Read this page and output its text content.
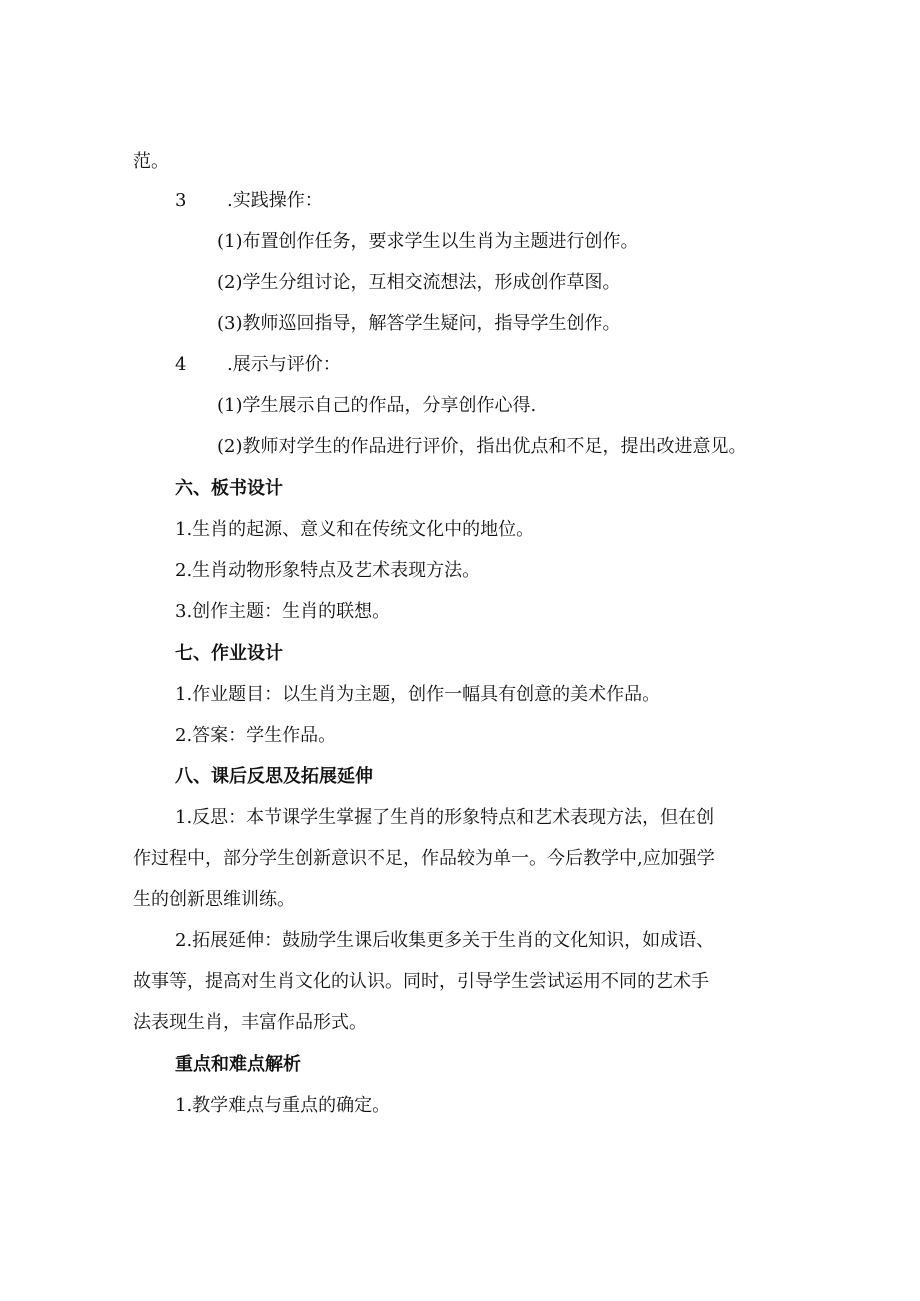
范。
3 .实践操作：
(1)布置创作任务，要求学生以生肖为主题进行创作。
(2)学生分组讨论，互相交流想法，形成创作草图。
(3)教师巡回指导，解答学生疑问，指导学生创作。
4 .展示与评价：
(1)学生展示自己的作品，分享创作心得.
(2)教师对学生的作品进行评价，指出优点和不足，提出改进意见。
六、板书设计
1.生肖的起源、意义和在传统文化中的地位。
2.生肖动物形象特点及艺术表现方法。
3.创作主题：生肖的联想。
七、作业设计
1.作业题目：以生肖为主题，创作一幅具有创意的美术作品。
2.答案：学生作品。
八、课后反思及拓展延伸
1.反思：本节课学生掌握了生肖的形象特点和艺术表现方法，但在创
作过程中，部分学生创新意识不足，作品较为单一。今后教学中,应加强学
生的创新思维训练。
2.拓展延伸：鼓励学生课后收集更多关于生肖的文化知识，如成语、
故事等，提高对生肖文化的认识。同时，引导学生尝试运用不同的艺术手
法表现生肖，丰富作品形式。
重点和难点解析
1.教学难点与重点的确定。
